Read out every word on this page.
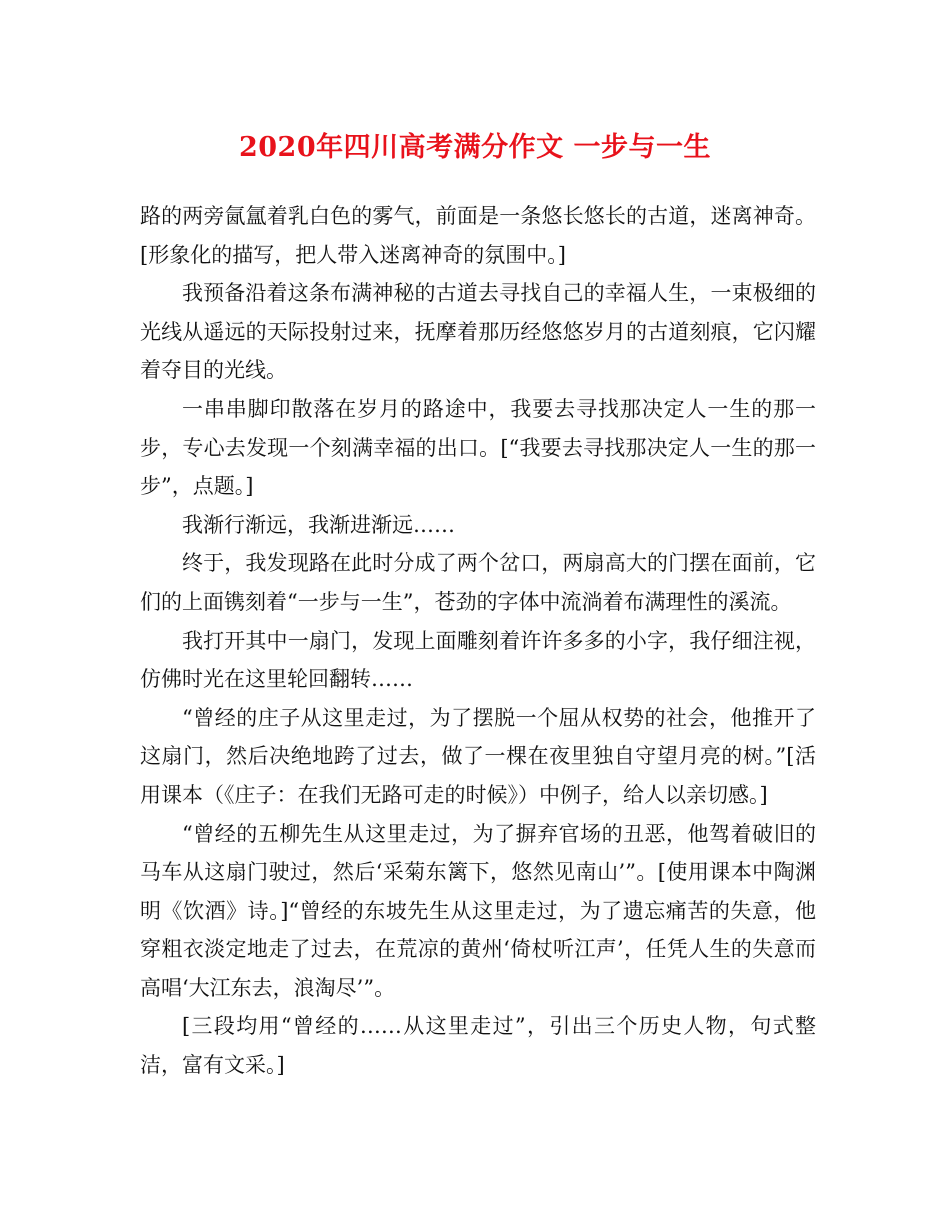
2020年四川高考满分作文 一步与一生

路的两旁氤氲着乳白色的雾气，前面是一条悠长悠长的古道，迷离神奇。[形象化的描写，把人带入迷离神奇的氛围中。]

我预备沿着这条布满神秘的古道去寻找自己的幸福人生，一束极细的光线从遥远的天际投射过来，抚摩着那历经悠悠岁月的古道刻痕，它闪耀着夺目的光线。

一串串脚印散落在岁月的路途中，我要去寻找那决定人一生的那一步，专心去发现一个刻满幸福的出口。[“我要去寻找那决定人一生的那一步”，点题。]

我渐行渐远，我渐进渐远……

终于，我发现路在此时分成了两个岔口，两扇高大的门摆在面前，它们的上面镌刻着“一步与一生”，苍劲的字体中流淌着布满理性的溪流。

我打开其中一扇门，发现上面雕刻着许许多多的小字，我仔细注视，仿佛时光在这里轮回翻转……

“曾经的庄子从这里走过，为了摆脱一个屈从权势的社会，他推开了这扇门，然后决绝地跨了过去，做了一棵在夜里独自守望月亮的树。”[活用课本（《庄子：在我们无路可走的时候》）中例子，给人以亲切感。]

“曾经的五柳先生从这里走过，为了摒弃官场的丑恶，他驾着破旧的马车从这扇门驶过，然后‘采菊东篱下，悠然见南山’”。[使用课本中陶渊明《饮酒》诗。]“曾经的东坡先生从这里走过，为了遗忘痛苦的失意，他穿粗衣淡定地走了过去，在荒凉的黄州‘倚杖听江声’，任凭人生的失意而高唱‘大江东去，浪淘尽’”。

[三段均用“曾经的……从这里走过”，引出三个历史人物，句式整洁，富有文采。]
